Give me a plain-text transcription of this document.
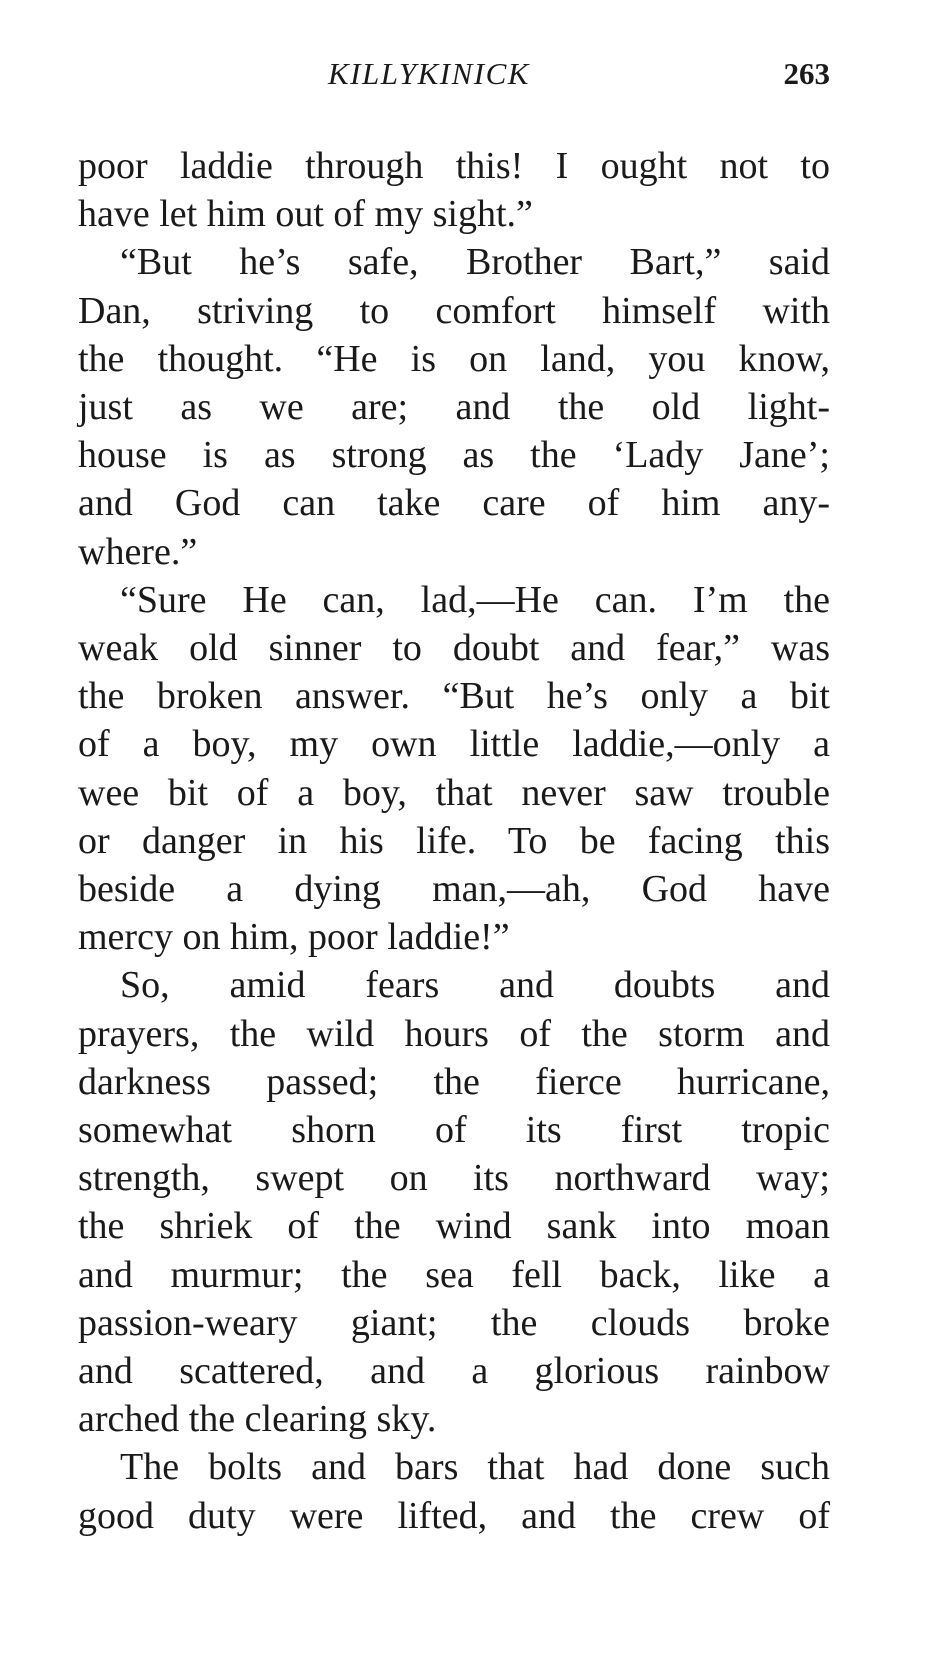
KILLYKINICK	263

poor laddie through this! I ought not to
have let him out of my sight.”

“But he’s safe, Brother Bart,” said
Dan, striving to comfort himself with
the thought. “He is on land, you know,
just as we are; and the old light-
house is as strong as the ‘Lady Jane’;
and God can take care of him any-
where.”

“Sure He can, lad,—He can. I’m the
weak old sinner to doubt and fear,” was
the broken answer. “But he’s only a bit
of a boy, my own little laddie,—only a
wee bit of a boy, that never saw trouble
or danger in his life. To be facing this
beside a dying man,—ah, God have
mercy on him, poor laddie!”

So, amid fears and doubts and
prayers, the wild hours of the storm and
darkness passed; the fierce hurricane,
somewhat shorn of its first tropic
strength, swept on its northward way;
the shriek of the wind sank into moan
and murmur; the sea fell back, like a
passion-weary giant; the clouds broke
and scattered, and a glorious rainbow
arched the clearing sky.

The bolts and bars that had done such
good duty were lifted, and the crew of
